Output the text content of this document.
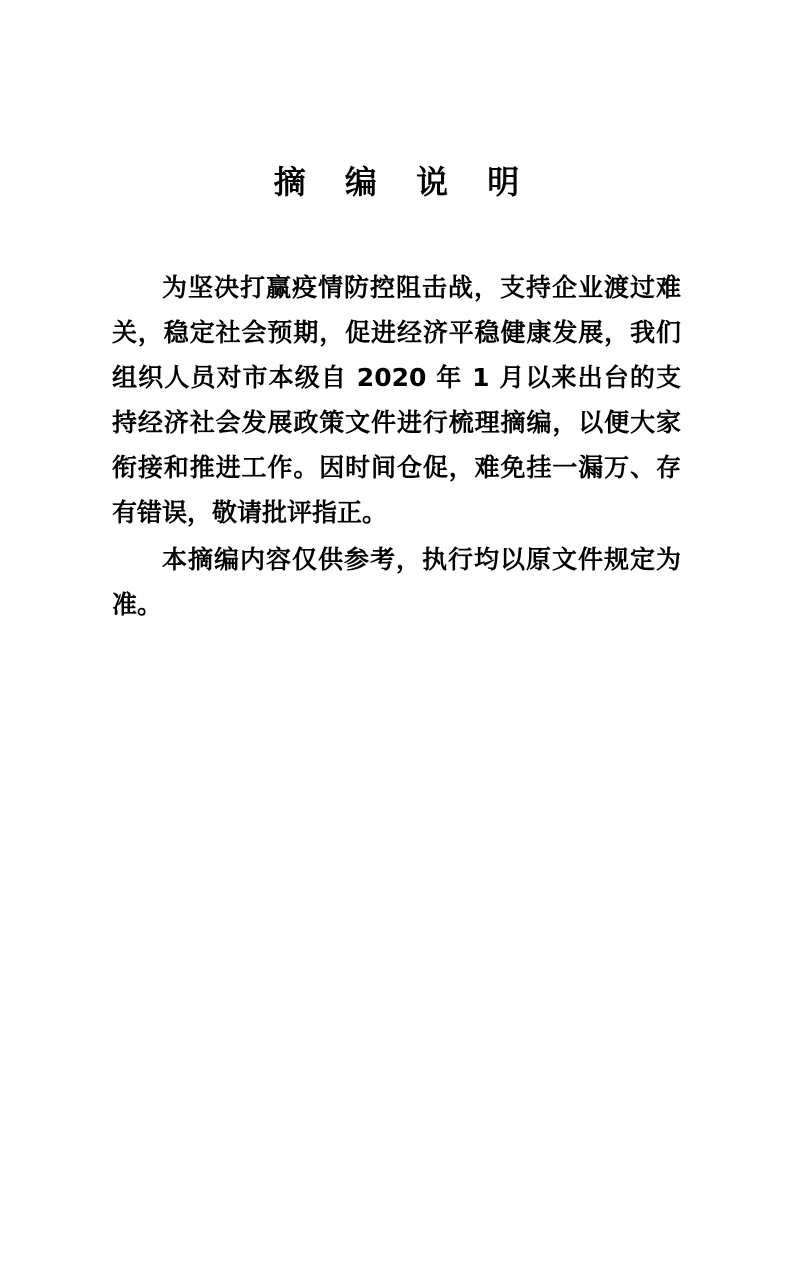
摘 编 说 明

为坚决打赢疫情防控阻击战，支持企业渡过难关，稳定社会预期，促进经济平稳健康发展，我们组织人员对市本级自 2020 年 1 月以来出台的支持经济社会发展政策文件进行梳理摘编，以便大家衔接和推进工作。因时间仓促，难免挂一漏万、存有错误，敬请批评指正。

本摘编内容仅供参考，执行均以原文件规定为准。
